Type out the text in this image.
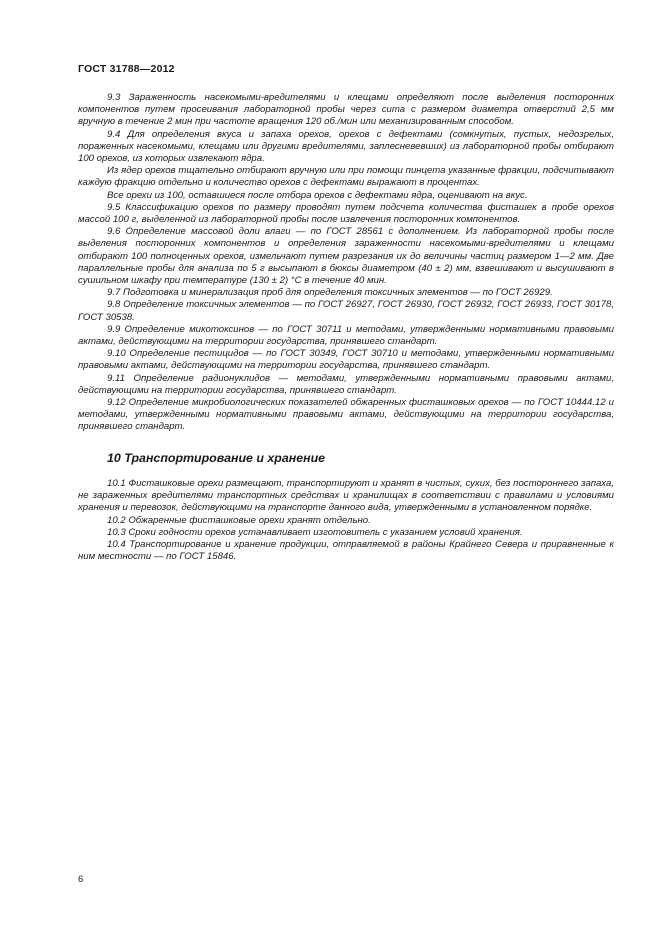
ГОСТ 31788—2012

9.3 Зараженность насекомыми-вредителями и клещами определяют после выделения посторонних компонентов путем просеивания лабораторной пробы через сита с размером диаметра отверстий 2,5 мм вручную в течение 2 мин при частоте вращения 120 об./мин или механизированным способом.

9.4 Для определения вкуса и запаха орехов, орехов с дефектами (сомкнутых, пустых, недозрелых, пораженных насекомыми, клещами или другими вредителями, заплесневевших) из лабораторной пробы отбирают 100 орехов, из которых извлекают ядра.

Из ядер орехов тщательно отбирают вручную или при помощи пинцета указанные фракции, подсчитывают каждую фракцию отдельно и количество орехов с дефектами выражают в процентах.

Все орехи из 100, оставшиеся после отбора орехов с дефектами ядра, оценивают на вкус.

9.5 Классификацию орехов по размеру проводят путем подсчета количества фисташек в пробе орехов массой 100 г, выделенной из лабораторной пробы после извлечения посторонних компонентов.

9.6 Определение массовой доли влаги — по ГОСТ 28561 с дополнением. Из лабораторной пробы после выделения посторонних компонентов и определения зараженности насекомыми-вредителями и клещами отбирают 100 полноценных орехов, измельчают путем разрезания их до величины частиц размером 1—2 мм. Две параллельные пробы для анализа по 5 г высыпают в бюксы диаметром (40 ± 2) мм, взвешивают и высушивают в сушильном шкафу при температуре (130 ± 2) °С в течение 40 мин.

9.7 Подготовка и минерализация проб для определения токсичных элементов — по ГОСТ 26929.

9.8 Определение токсичных элементов — по ГОСТ 26927, ГОСТ 26930, ГОСТ 26932, ГОСТ 26933, ГОСТ 30178, ГОСТ 30538.

9.9 Определение микотоксинов — по ГОСТ 30711 и методами, утвержденными нормативными правовыми актами, действующими на территории государства, принявшего стандарт.

9.10 Определение пестицидов — по ГОСТ 30349, ГОСТ 30710 и методами, утвержденными нормативными правовыми актами, действующими на территории государства, принявшего стандарт.

9.11 Определение радионуклидов — методами, утвержденными нормативными правовыми актами, действующими на территории государства, принявшего стандарт.

9.12 Определение микробиологических показателей обжаренных фисташковых орехов — по ГОСТ 10444.12 и методами, утвержденными нормативными правовыми актами, действующими на территории государства, принявшего стандарт.

10 Транспортирование и хранение

10.1 Фисташковые орехи размещают, транспортируют и хранят в чистых, сухих, без постороннего запаха, не зараженных вредителями транспортных средствах и хранилищах в соответствии с правилами и условиями хранения и перевозок, действующими на транспорте данного вида, утвержденными в установленном порядке.

10.2 Обжаренные фисташковые орехи хранят отдельно.

10.3 Сроки годности орехов устанавливает изготовитель с указанием условий хранения.

10.4 Транспортирование и хранение продукции, отправляемой в районы Крайнего Севера и приравненные к ним местности — по ГОСТ 15846.

6
